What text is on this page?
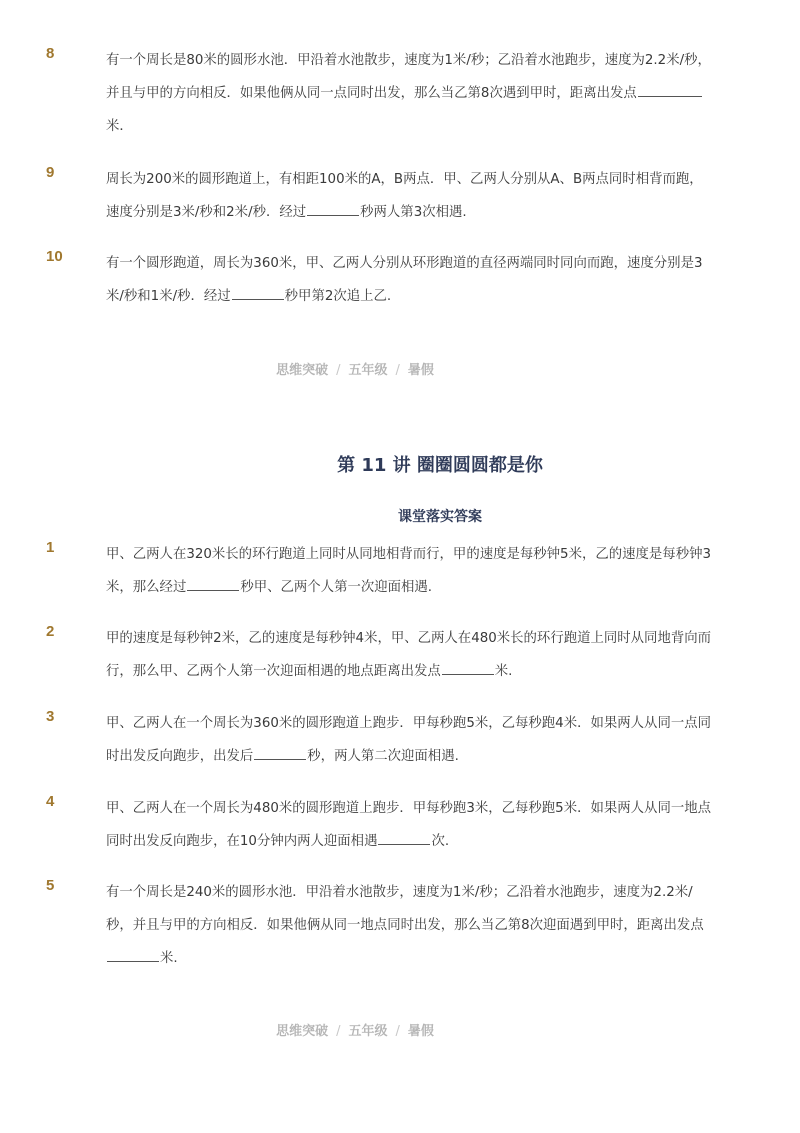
8	有一个周长是80米的圆形水池．甲沿着水池散步，速度为1米/秒；乙沿着水池跑步，速度为2.2米/秒，并且与甲的方向相反．如果他俩从同一点同时出发，那么当乙第8次遇到甲时，距离出发点米．

9	周长为200米的圆形跑道上，有相距100米的A，B两点．甲、乙两人分别从A、B两点同时相背而跑，速度分别是3米/秒和2米/秒．经过	秒两人第3次相遇.

10	有一个圆形跑道，周长为360米，甲、乙两人分别从环形跑道的直径两端同时同向而跑，速度分别是3米/秒和1米/秒．经过	秒甲第2次追上乙.

思维突破 / 五年级 / 暑假
第 11 讲 圈圈圆圆都是你
课堂落实答案
1	甲、乙两人在320米长的环行跑道上同时从同地相背而行，甲的速度是每秒钟5米，乙的速度是每秒钟3米，那么经过	秒甲、乙两个人第一次迎面相遇.

2	甲的速度是每秒钟2米，乙的速度是每秒钟4米，甲、乙两人在480米长的环行跑道上同时从同地背向而行，那么甲、乙两个人第一次迎面相遇的地点距离出发点	米.

3	甲、乙两人在一个周长为360米的圆形跑道上跑步．甲每秒跑5米，乙每秒跑4米．如果两人从同一点同时出发反向跑步，出发后	秒，两人第二次迎面相遇.

4	甲、乙两人在一个周长为480米的圆形跑道上跑步．甲每秒跑3米，乙每秒跑5米．如果两人从同一地点同时出发反向跑步，在10分钟内两人迎面相遇	次.

5	有一个周长是240米的圆形水池．甲沿着水池散步，速度为1米/秒；乙沿着水池跑步，速度为2.2米/秒，并且与甲的方向相反．如果他俩从同一地点同时出发，那么当乙第8次迎面遇到甲时，距离出发点米.

思维突破 / 五年级 / 暑假
